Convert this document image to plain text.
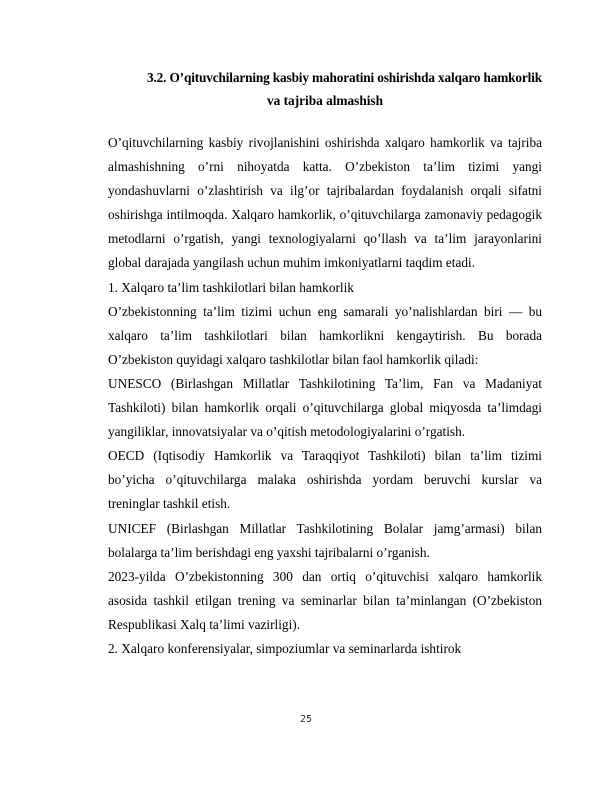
3.2. O’qituvchilarning kasbiy mahoratini oshirishda xalqaro hamkorlik
va tajriba almashish

O’qituvchilarning kasbiy rivojlanishini oshirishda xalqaro hamkorlik va tajriba almashishning o’rni nihoyatda katta. O’zbekiston ta’lim tizimi yangi yondashuvlarni o’zlashtirish va ilg’or tajribalardan foydalanish orqali sifatni oshirishga intilmoqda. Xalqaro hamkorlik, o’qituvchilarga zamonaviy pedagogik metodlarni o’rgatish, yangi texnologiyalarni qo’llash va ta’lim jarayonlarini global darajada yangilash uchun muhim imkoniyatlarni taqdim etadi.

1. Xalqaro ta’lim tashkilotlari bilan hamkorlik

O’zbekistonning ta’lim tizimi uchun eng samarali yo’nalishlardan biri — bu xalqaro ta’lim tashkilotlari bilan hamkorlikni kengaytirish. Bu borada O’zbekiston quyidagi xalqaro tashkilotlar bilan faol hamkorlik qiladi:

UNESCO (Birlashgan Millatlar Tashkilotining Ta’lim, Fan va Madaniyat Tashkiloti) bilan hamkorlik orqali o’qituvchilarga global miqyosda ta’limdagi yangiliklar, innovatsiyalar va o’qitish metodologiyalarini o’rgatish.

OECD (Iqtisodiy Hamkorlik va Taraqqiyot Tashkiloti) bilan ta’lim tizimi bo’yicha o’qituvchilarga malaka oshirishda yordam beruvchi kurslar va treninglar tashkil etish.

UNICEF (Birlashgan Millatlar Tashkilotining Bolalar jamg’armasi) bilan bolalarga ta’lim berishdagi eng yaxshi tajribalarni o’rganish.

2023-yilda O’zbekistonning 300 dan ortiq o’qituvchisi xalqaro hamkorlik asosida tashkil etilgan trening va seminarlar bilan ta’minlangan (O’zbekiston Respublikasi Xalq ta’limi vazirligi).

2. Xalqaro konferensiyalar, simpoziumlar va seminarlarda ishtirok

25
